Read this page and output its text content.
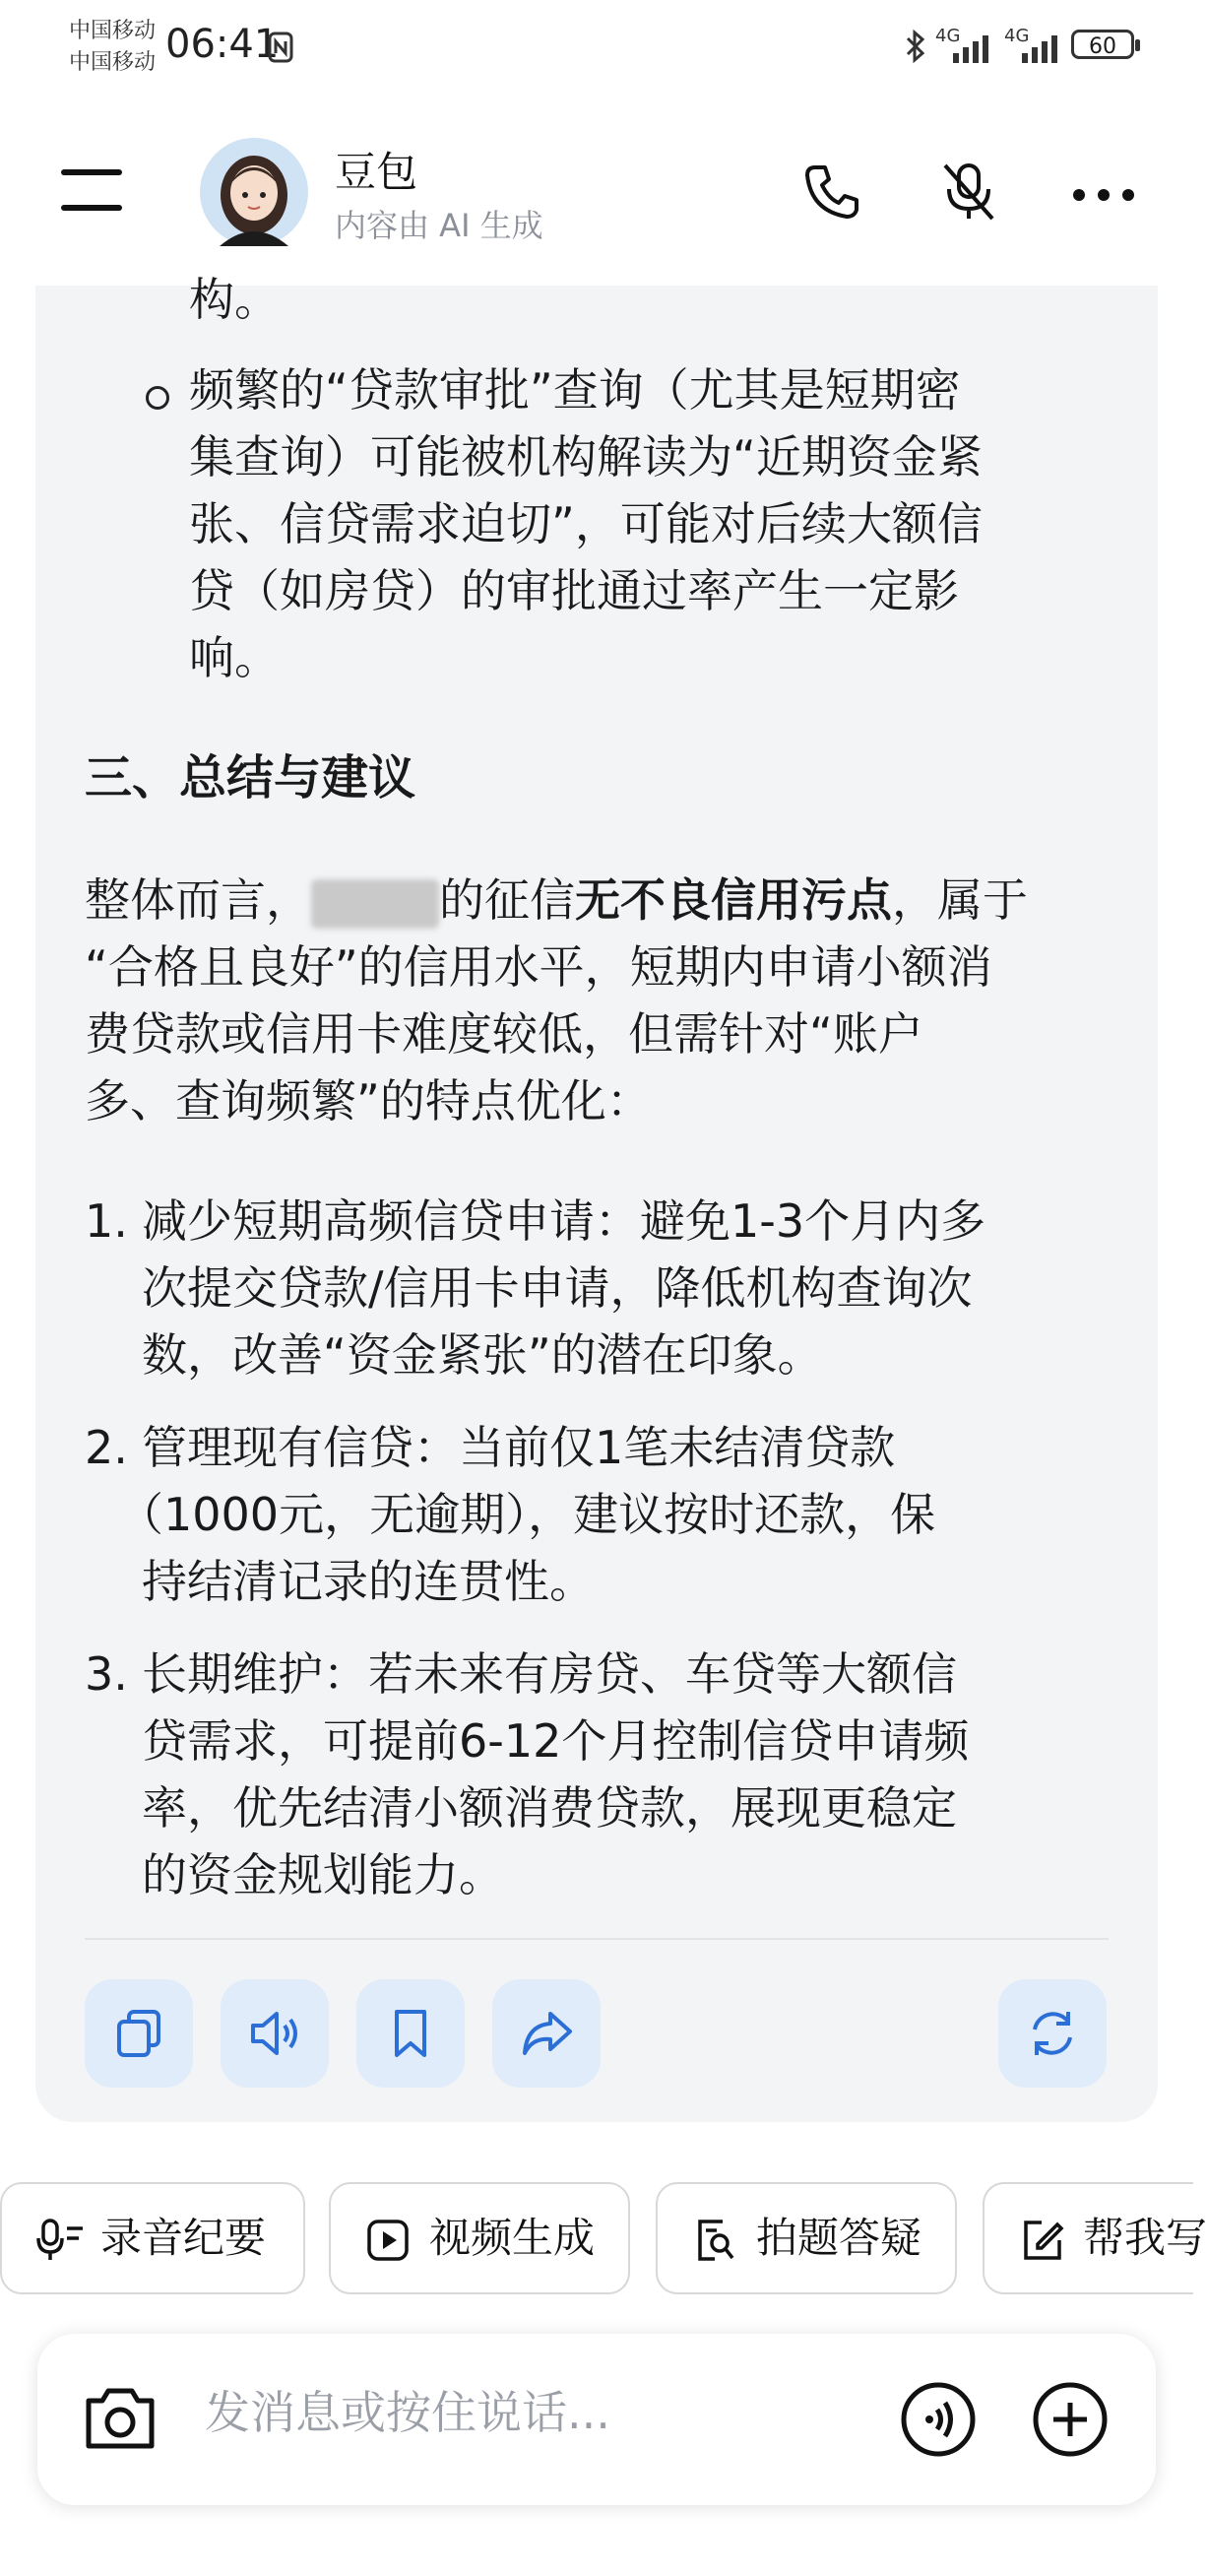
中国移动
中国移动 06:41	4G 4G	60
豆包
内容由 AI 生成
构。
频繁的“贷款审批”查询（尤其是短期密
集查询）可能被机构解读为“近期资金紧
张、信贷需求迫切”，可能对后续大额信
贷（如房贷）的审批通过率产生一定影
响。
三、总结与建议
整体而言，	的征信无不良信用污点，属于
“合格且良好”的信用水平，短期内申请小额消
费贷款或信用卡难度较低，但需针对“账户
多、查询频繁”的特点优化：
1. 减少短期高频信贷申请：避免1-3个月内多
次提交贷款/信用卡申请，降低机构查询次
数，改善“资金紧张”的潜在印象。
2. 管理现有信贷：当前仅1笔未结清贷款
（1000元，无逾期），建议按时还款，保
持结清记录的连贯性。
3. 长期维护：若未来有房贷、车贷等大额信
贷需求，可提前6-12个月控制信贷申请频
率，优先结清小额消费贷款，展现更稳定
的资金规划能力。
录音纪要	视频生成	拍题答疑	帮我写
发消息或按住说话...
